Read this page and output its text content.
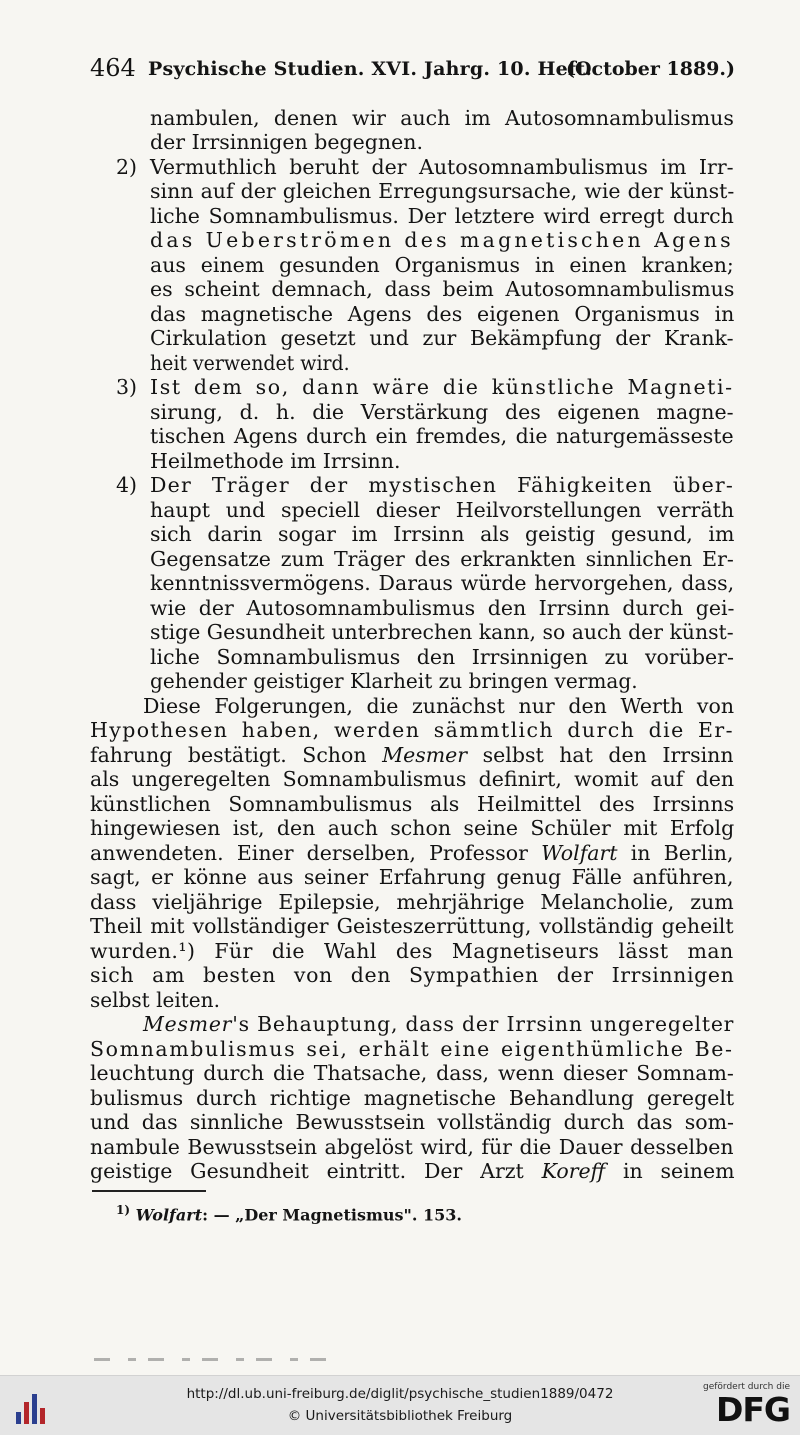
464 Psychische Studien. XVI. Jahrg. 10. Heft.
(October 1889.)
nambulen, denen wir auch im Autosomnambulismus
der Irrsinnigen begegnen.
Vermuthlich beruht der Autosomnambulismus im Irr-
sinn auf der gleichen Erregungsursache, wie der künst-
liche Somnambulismus. Der letztere wird erregt durch
das Ueberströmen des magnetischen Agens
aus einem gesunden Organismus in einen kranken;
es scheint demnach, dass beim Autosomnambulismus
das magnetische Agens des eigenen Organismus in
Cirkulation gesetzt und zur Bekämpfung der Krank-
heit verwendet wird.
Ist dem so, dann wäre die künstliche Magneti-
sirung, d. h. die Verstärkung des eigenen magne-
tischen Agens durch ein fremdes, die naturgemässeste
Heilmethode im Irrsinn.
Der Träger der mystischen Fähigkeiten über-
haupt und speciell dieser Heilvorstellungen verräth
sich darin sogar im Irrsinn als geistig gesund, im
Gegensatze zum Träger des erkrankten sinnlichen Er-
kenntnissvermögens. Daraus würde hervorgehen, dass,
wie der Autosomnambulismus den Irrsinn durch gei-
stige Gesundheit unterbrechen kann, so auch der künst-
liche Somnambulismus den Irrsinnigen zu vorüber-
gehender geistiger Klarheit zu bringen vermag.
Diese Folgerungen, die zunächst nur den Werth von
Hypothesen haben, werden sämmtlich durch die Er-
fahrung bestätigt. Schon Mesmer selbst hat den Irrsinn
als ungeregelten Somnambulismus definirt, womit auf den
künstlichen Somnambulismus als Heilmittel des Irrsinns
hingewiesen ist, den auch schon seine Schüler mit Erfolg
anwendeten. Einer derselben, Professor Wolfart in Berlin,
sagt, er könne aus seiner Erfahrung genug Fälle anführen,
dass vieljährige Epilepsie, mehrjährige Melancholie, zum
Theil mit vollständiger Geisteszerrüttung, vollständig geheilt
wurden.¹) Für die Wahl des Magnetiseurs lässt man
sich am besten von den Sympathien der Irrsinnigen
selbst leiten.
Mesmer's Behauptung, dass der Irrsinn ungeregelter
Somnambulismus sei, erhält eine eigenthümliche Be-
leuchtung durch die Thatsache, dass, wenn dieser Somnam-
bulismus durch richtige magnetische Behandlung geregelt
und das sinnliche Bewusstsein vollständig durch das som-
nambule Bewusstsein abgelöst wird, für die Dauer desselben
geistige Gesundheit eintritt. Der Arzt Koreff in seinem
2)
3)
4)
$^{1)}$ Wolfart: — „Der Magnetismus". 153.
http://dl.ub.uni-freiburg.de/diglit/psychische_studien1889/0472
© Universitätsbibliothek Freiburg
gefördert durch die
DFG
